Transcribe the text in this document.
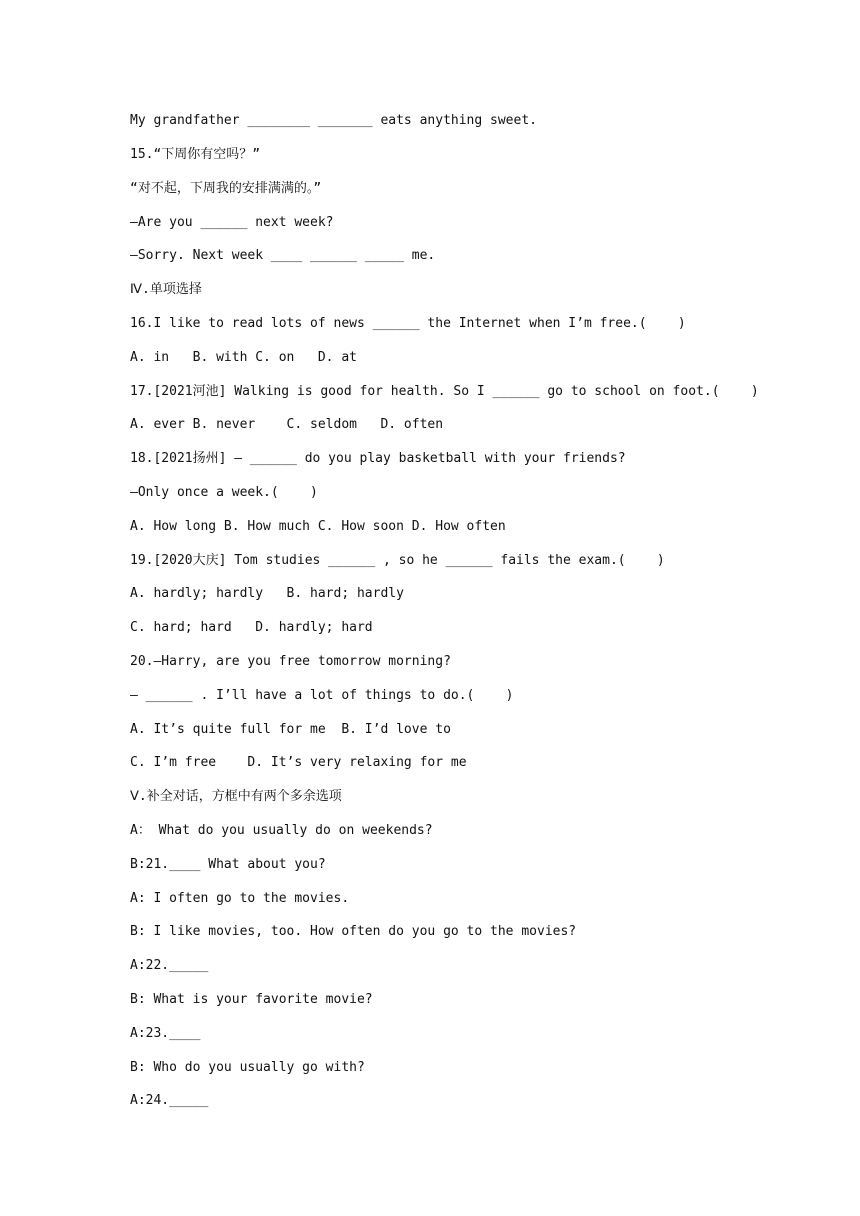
My grandfather ________ _______ eats anything sweet.
15.“下周你有空吗？”
“对不起，下周我的安排满满的。”
—Are you ______ next week?
—Sorry. Next week ____ ______ _____ me.
Ⅳ.单项选择
16.I like to read lots of news ______ the Internet when I’m free.(    )
A. in   B. with C. on   D. at
17.[2021河池] Walking is good for health. So I ______ go to school on foot.(    )
A. ever B. never    C. seldom   D. often
18.[2021扬州] — ______ do you play basketball with your friends?
—Only once a week.(    )
A. How long B. How much C. How soon D. How often
19.[2020大庆] Tom studies ______ , so he ______ fails the exam.(    )
A. hardly; hardly   B. hard; hardly
C. hard; hard   D. hardly; hard
20.—Harry, are you free tomorrow morning?
— ______ . I’ll have a lot of things to do.(    )
A. It’s quite full for me  B. I’d love to
C. I’m free    D. It’s very relaxing for me
Ⅴ.补全对话，方框中有两个多余选项
A： What do you usually do on weekends?
B:21.____ What about you?
A: I often go to the movies.
B: I like movies, too. How often do you go to the movies?
A:22._____
B: What is your favorite movie?
A:23.____
B: Who do you usually go with?
A:24._____
